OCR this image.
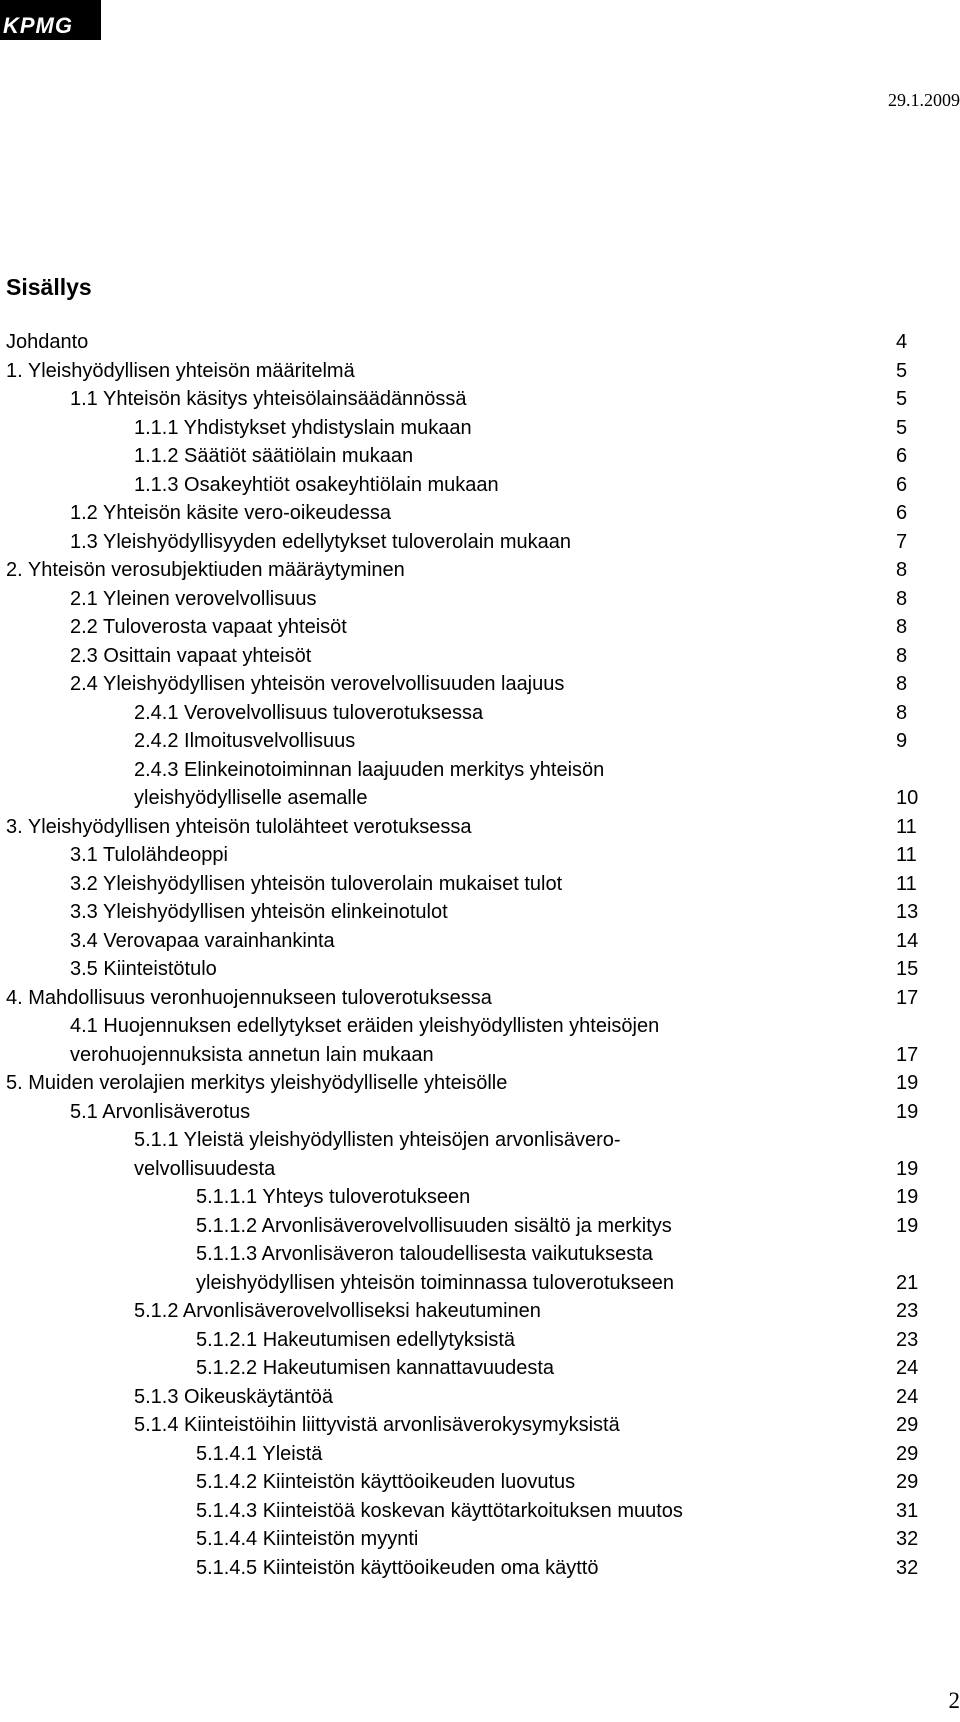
KPMG
29.1.2009
Sisällys
Johdanto	4
1. Yleishyödyllisen yhteisön määritelmä	5
1.1 Yhteisön käsitys yhteisölainsäädännössä	5
1.1.1 Yhdistykset yhdistyslain mukaan	5
1.1.2 Säätiöt säätiölain mukaan	6
1.1.3 Osakeyhtiöt osakeyhtiölain mukaan	6
1.2 Yhteisön käsite vero-oikeudessa	6
1.3 Yleishyödyllisyyden edellytykset tuloverolain mukaan	7
2. Yhteisön verosubjektiuden määräytyminen	8
2.1 Yleinen verovelvollisuus	8
2.2 Tuloverosta vapaat yhteisöt	8
2.3 Osittain vapaat yhteisöt	8
2.4 Yleishyödyllisen yhteisön verovelvollisuuden laajuus	8
2.4.1 Verovelvollisuus tuloverotuksessa	8
2.4.2 Ilmoitusvelvollisuus	9
2.4.3 Elinkeinotoiminnan laajuuden merkitys yhteisön
yleishyödylliselle asemalle	10
3. Yleishyödyllisen yhteisön tulolähteet verotuksessa	11
3.1 Tulolähdeoppi	11
3.2 Yleishyödyllisen yhteisön tuloverolain mukaiset tulot	11
3.3 Yleishyödyllisen yhteisön elinkeinotulot	13
3.4 Verovapaa varainhankinta	14
3.5 Kiinteistötulo	15
4. Mahdollisuus veronhuojennukseen tuloverotuksessa	17
4.1 Huojennuksen edellytykset eräiden yleishyödyllisten yhteisöjen
verohuojennuksista annetun lain mukaan	17
5. Muiden verolajien merkitys yleishyödylliselle yhteisölle	19
5.1 Arvonlisäverotus	19
5.1.1 Yleistä yleishyödyllisten yhteisöjen arvonlisävero-
velvollisuudesta	19
5.1.1.1 Yhteys tuloverotukseen	19
5.1.1.2 Arvonlisäverovelvollisuuden sisältö ja merkitys	19
5.1.1.3 Arvonlisäveron taloudellisesta vaikutuksesta
yleishyödyllisen yhteisön toiminnassa tuloverotukseen	21
5.1.2 Arvonlisäverovelvolliseksi hakeutuminen	23
5.1.2.1 Hakeutumisen edellytyksistä	23
5.1.2.2 Hakeutumisen kannattavuudesta	24
5.1.3 Oikeuskäytäntöä	24
5.1.4 Kiinteistöihin liittyvistä arvonlisäverokysymyksistä	29
5.1.4.1 Yleistä	29
5.1.4.2 Kiinteistön käyttöoikeuden luovutus	29
5.1.4.3 Kiinteistöä koskevan käyttötarkoituksen muutos	31
5.1.4.4 Kiinteistön myynti	32
5.1.4.5 Kiinteistön käyttöoikeuden oma käyttö	32
2
